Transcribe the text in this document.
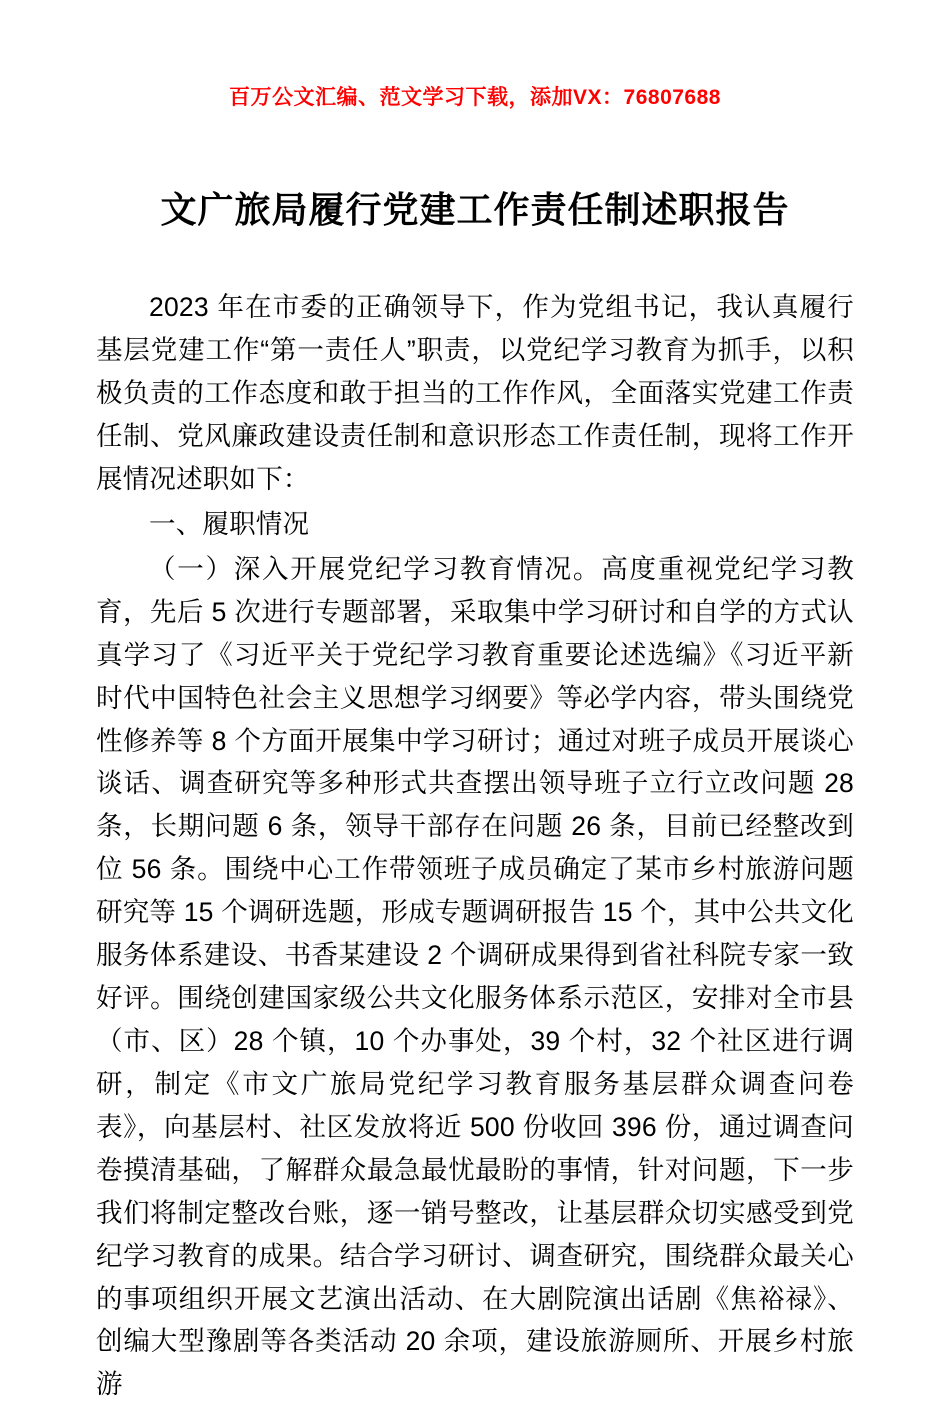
百万公文汇编、范文学习下载，添加VX：76807688
文广旅局履行党建工作责任制述职报告

2023 年在市委的正确领导下，作为党组书记，我认真履行基层党建工作“第一责任人”职责，以党纪学习教育为抓手，以积极负责的工作态度和敢于担当的工作作风，全面落实党建工作责任制、党风廉政建设责任制和意识形态工作责任制，现将工作开展情况述职如下：

一、履职情况

（一）深入开展党纪学习教育情况。高度重视党纪学习教育，先后 5 次进行专题部署，采取集中学习研讨和自学的方式认真学习了《习近平关于党纪学习教育重要论述选编》《习近平新时代中国特色社会主义思想学习纲要》等必学内容，带头围绕党性修养等 8 个方面开展集中学习研讨；通过对班子成员开展谈心谈话、调查研究等多种形式共查摆出领导班子立行立改问题 28 条，长期问题 6 条，领导干部存在问题 26 条，目前已经整改到位 56 条。围绕中心工作带领班子成员确定了某市乡村旅游问题研究等 15 个调研选题，形成专题调研报告 15 个，其中公共文化服务体系建设、书香某建设 2 个调研成果得到省社科院专家一致好评。围绕创建国家级公共文化服务体系示范区，安排对全市县（市、区）28 个镇，10 个办事处，39 个村，32 个社区进行调研，制定《市文广旅局党纪学习教育服务基层群众调查问卷表》，向基层村、社区发放将近 500 份收回 396 份，通过调查问卷摸清基础，了解群众最急最忧最盼的事情，针对问题，下一步我们将制定整改台账，逐一销号整改，让基层群众切实感受到党纪学习教育的成果。结合学习研讨、调查研究，围绕群众最关心的事项组织开展文艺演出活动、在大剧院演出话剧《焦裕禄》、创编大型豫剧等各类活动 20 余项，建设旅游厕所、开展乡村旅游
